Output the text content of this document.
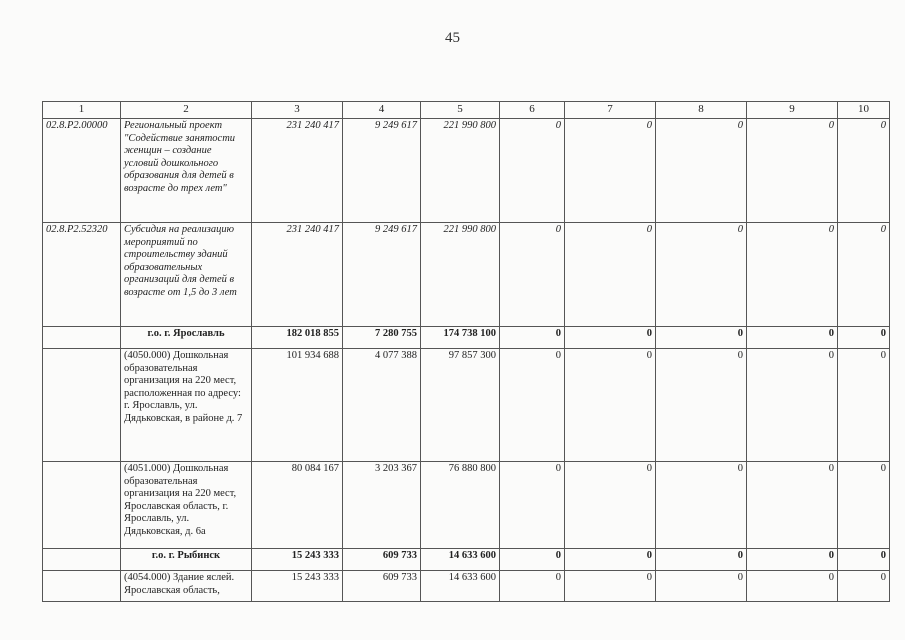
45
1	2	3	4	5	6	7	8	9	10
02.8.P2.00000	Региональный проект "Содействие занятости женщин – создание условий дошкольного образования для детей в возрасте до трех лет"	231 240 417	9 249 617	221 990 800	0	0	0	0	0
02.8.P2.52320	Субсидия на реализацию мероприятий по строительству зданий образовательных организаций для детей в возрасте от 1,5 до 3 лет	231 240 417	9 249 617	221 990 800	0	0	0	0	0
	г.о. г. Ярославль	182 018 855	7 280 755	174 738 100	0	0	0	0	0
	(4050.000) Дошкольная образовательная организация на 220 мест, расположенная по адресу: г. Ярославль, ул. Дядьковская, в районе д. 7	101 934 688	4 077 388	97 857 300	0	0	0	0	0
	(4051.000) Дошкольная образовательная организация на 220 мест, Ярославская область, г. Ярославль, ул. Дядьковская, д. 6а	80 084 167	3 203 367	76 880 800	0	0	0	0	0
	г.о. г. Рыбинск	15 243 333	609 733	14 633 600	0	0	0	0	0
	(4054.000) Здание яслей. Ярославская область,	15 243 333	609 733	14 633 600	0	0	0	0	0
